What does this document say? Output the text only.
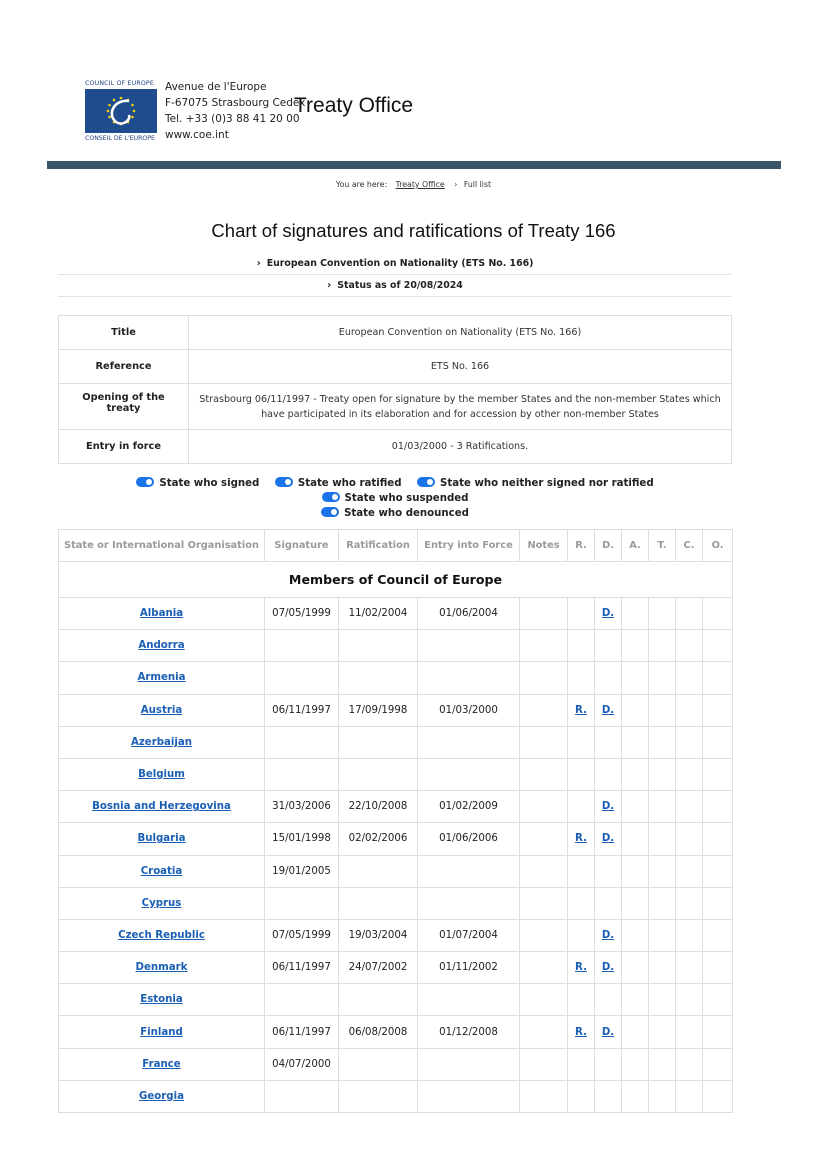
COUNCIL OF EUROPE
CONSEIL DE L'EUROPE
Avenue de l'Europe
F-67075 Strasbourg Cedex
Tel. +33 (0)3 88 41 20 00
www.coe.int
Treaty Office
You are here: Treaty Office › Full list
Chart of signatures and ratifications of Treaty 166
› European Convention on Nationality (ETS No. 166)
› Status as of 20/08/2024
Title	European Convention on Nationality (ETS No. 166)
Reference	ETS No. 166
Opening of the treaty	Strasbourg 06/11/1997 - Treaty open for signature by the member States and the non-member States which have participated in its elaboration and for accession by other non-member States
Entry in force	01/03/2000 - 3 Ratifications.
State who signed	State who ratified	State who neither signed nor ratified State who suspended
State who denounced
State or International Organisation	Signature	Ratification	Entry into Force	Notes	R.	D.	A.	T.	C.	O.
Members of Council of Europe										
Albania	07/05/1999	11/02/2004	01/06/2004			D.				
Andorra										
Armenia										
Austria	06/11/1997	17/09/1998	01/03/2000		R.	D.				
Azerbaijan										
Belgium										
Bosnia and Herzegovina	31/03/2006	22/10/2008	01/02/2009			D.				
Bulgaria	15/01/1998	02/02/2006	01/06/2006		R.	D.				
Croatia	19/01/2005									
Cyprus										
Czech Republic	07/05/1999	19/03/2004	01/07/2004			D.				
Denmark	06/11/1997	24/07/2002	01/11/2002		R.	D.				
Estonia										
Finland	06/11/1997	06/08/2008	01/12/2008		R.	D.				
France	04/07/2000									
Georgia										
